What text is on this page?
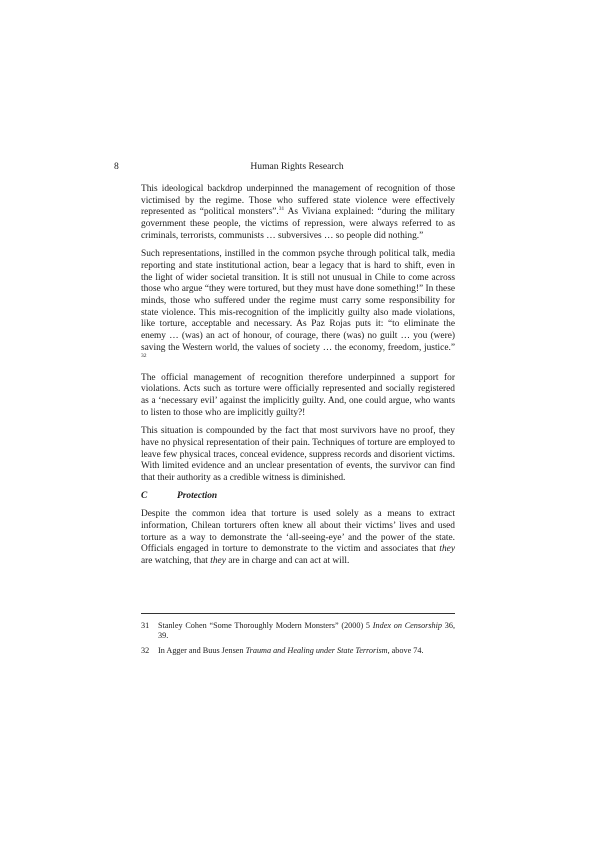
8	Human Rights Research

This ideological backdrop underpinned the management of recognition of those victimised by the regime. Those who suffered state violence were effectively represented as “political monsters”.$^{31}$ As Viviana explained: “during the military government these people, the victims of repression, were always referred to as criminals, terrorists, communists … subversives … so people did nothing.”

Such representations, instilled in the common psyche through political talk, media reporting and state institutional action, bear a legacy that is hard to shift, even in the light of wider societal transition. It is still not unusual in Chile to come across those who argue “they were tortured, but they must have done something!” In these minds, those who suffered under the regime must carry some responsibility for state violence. This mis-recognition of the implicitly guilty also made violations, like torture, acceptable and necessary. As Paz Rojas puts it: “to eliminate the enemy … (was) an act of honour, of courage, there (was) no guilt … you (were) saving the Western world, the values of society … the economy, freedom, justice.” $^{32}$

The official management of recognition therefore underpinned a support for violations. Acts such as torture were officially represented and socially registered as a ‘necessary evil’ against the implicitly guilty. And, one could argue, who wants to listen to those who are implicitly guilty?!

This situation is compounded by the fact that most survivors have no proof, they have no physical representation of their pain. Techniques of torture are employed to leave few physical traces, conceal evidence, suppress records and disorient victims. With limited evidence and an unclear presentation of events, the survivor can find that their authority as a credible witness is diminished.

C	Protection

Despite the common idea that torture is used solely as a means to extract information, Chilean torturers often knew all about their victims’ lives and used torture as a way to demonstrate the ‘all-seeing-eye’ and the power of the state. Officials engaged in torture to demonstrate to the victim and associates that they are watching, that they are in charge and can act at will.

31	Stanley Cohen “Some Thoroughly Modern Monsters” (2000) 5 Index on Censorship 36, 39.
32	In Agger and Buus Jensen Trauma and Healing under State Terrorism, above 74.
